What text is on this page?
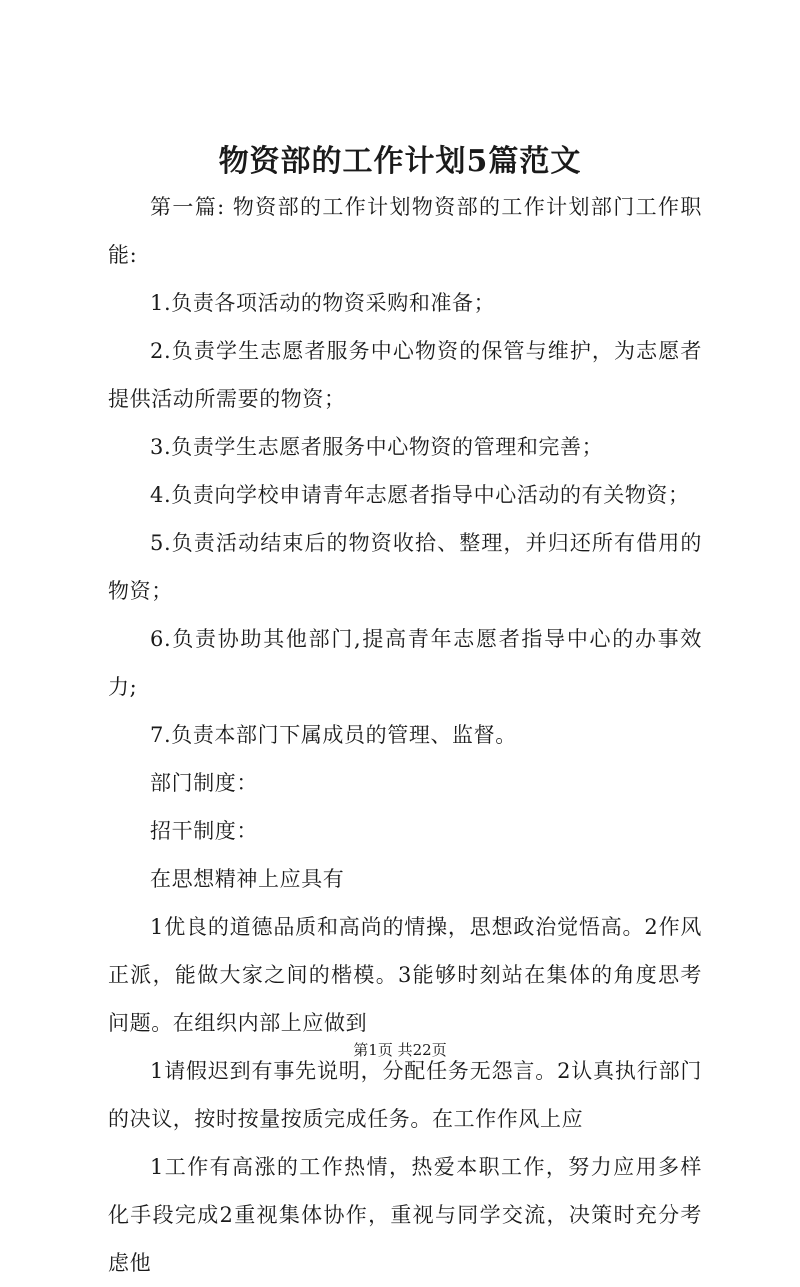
物资部的工作计划5篇范文

第一篇: 物资部的工作计划物资部的工作计划部门工作职能:

1.负责各项活动的物资采购和准备；

2.负责学生志愿者服务中心物资的保管与维护，为志愿者提供活动所需要的物资；

3.负责学生志愿者服务中心物资的管理和完善；

4.负责向学校申请青年志愿者指导中心活动的有关物资；

5.负责活动结束后的物资收拾、整理，并归还所有借用的物资；

6.负责协助其他部门,提高青年志愿者指导中心的办事效力;

7.负责本部门下属成员的管理、监督。

部门制度：

招干制度：

在思想精神上应具有

1优良的道德品质和高尚的情操，思想政治觉悟高。2作风正派，能做大家之间的楷模。3能够时刻站在集体的角度思考问题。在组织内部上应做到

1请假迟到有事先说明，分配任务无怨言。2认真执行部门的决议，按时按量按质完成任务。在工作作风上应

1工作有高涨的工作热情，热爱本职工作，努力应用多样化手段完成2重视集体协作，重视与同学交流，决策时充分考虑他

第1页 共22页
